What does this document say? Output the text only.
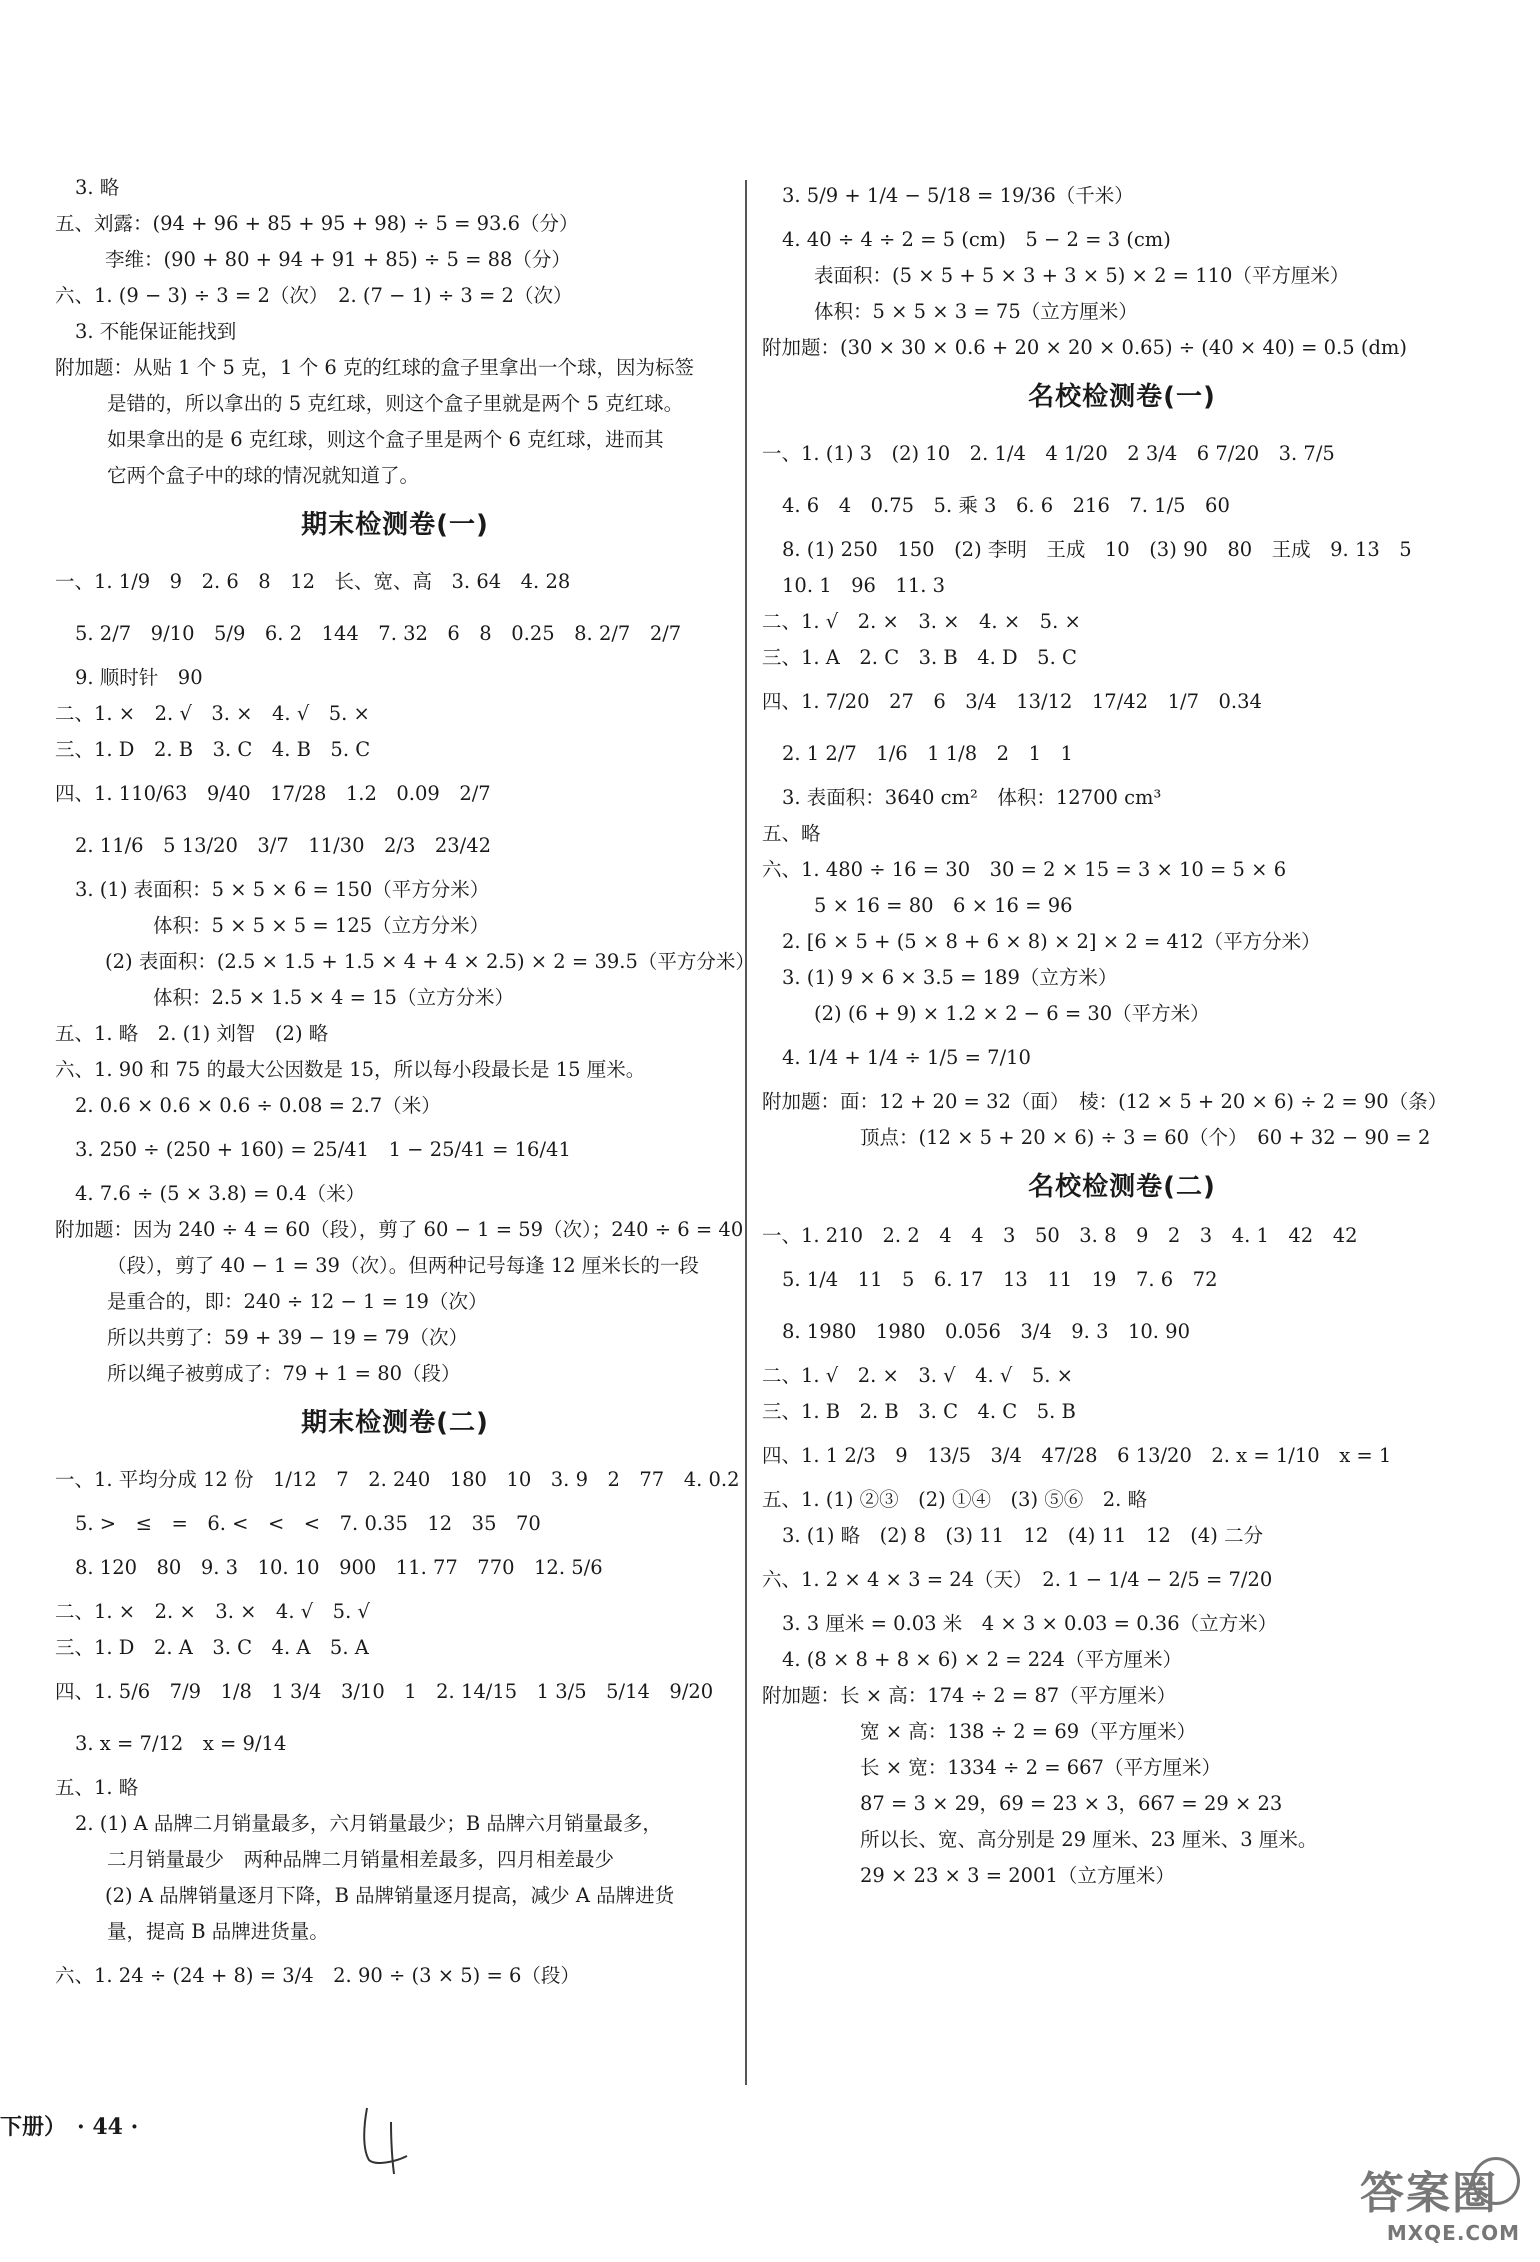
3. 略
五、刘露：(94 + 96 + 85 + 95 + 98) ÷ 5 = 93.6（分）
李维：(90 + 80 + 94 + 91 + 85) ÷ 5 = 88（分）
六、1. (9 − 3) ÷ 3 = 2（次）　2. (7 − 1) ÷ 3 = 2（次）
3. 不能保证能找到
附加题：从贴 1 个 5 克，1 个 6 克的红球的盒子里拿出一个球，因为标签
是错的，所以拿出的 5 克红球，则这个盒子里就是两个 5 克红球。
如果拿出的是 6 克红球，则这个盒子里是两个 6 克红球，进而其
它两个盒子中的球的情况就知道了。
期末检测卷(一)
一、1. 1/9　9　2. 6　8　12　长、宽、高　3. 64　4. 28
5. 2/7　9/10　5/9　6. 2　144　7. 32　6　8　0.25　8. 2/7　2/7
9. 顺时针　90
二、1. ×　2. √　3. ×　4. √　5. ×
三、1. D　2. B　3. C　4. B　5. C
四、1. 110/63　9/40　17/28　1.2　0.09　2/7
2. 11/6　5 13/20　3/7　11/30　2/3　23/42
3. (1) 表面积：5 × 5 × 6 = 150（平方分米）
体积：5 × 5 × 5 = 125（立方分米）
(2) 表面积：(2.5 × 1.5 + 1.5 × 4 + 4 × 2.5) × 2 = 39.5（平方分米）
体积：2.5 × 1.5 × 4 = 15（立方分米）
五、1. 略　2. (1) 刘智　(2) 略
六、1. 90 和 75 的最大公因数是 15，所以每小段最长是 15 厘米。
2. 0.6 × 0.6 × 0.6 ÷ 0.08 = 2.7（米）
3. 250 ÷ (250 + 160) = 25/41　1 − 25/41 = 16/41
4. 7.6 ÷ (5 × 3.8) = 0.4（米）
附加题：因为 240 ÷ 4 = 60（段），剪了 60 − 1 = 59（次）；240 ÷ 6 = 40
（段），剪了 40 − 1 = 39（次）。但两种记号每逢 12 厘米长的一段
是重合的，即：240 ÷ 12 − 1 = 19（次）
所以共剪了：59 + 39 − 19 = 79（次）
所以绳子被剪成了：79 + 1 = 80（段）
期末检测卷(二)
一、1. 平均分成 12 份　1/12　7　2. 240　180　10　3. 9　2　77　4. 0.2
5. >　≤　=　6. <　<　<　7. 0.35　12　35　70
8. 120　80　9. 3　10. 10　900　11. 77　770　12. 5/6
二、1. ×　2. ×　3. ×　4. √　5. √
三、1. D　2. A　3. C　4. A　5. A
四、1. 5/6　7/9　1/8　1 3/4　3/10　1　2. 14/15　1 3/5　5/14　9/20
3. x = 7/12　x = 9/14
五、1. 略
2. (1) A 品牌二月销量最多，六月销量最少；B 品牌六月销量最多，
二月销量最少　两种品牌二月销量相差最多，四月相差最少
(2) A 品牌销量逐月下降，B 品牌销量逐月提高，减少 A 品牌进货
量，提高 B 品牌进货量。
六、1. 24 ÷ (24 + 8) = 3/4　2. 90 ÷ (3 × 5) = 6（段）
3. 5/9 + 1/4 − 5/18 = 19/36（千米）
4. 40 ÷ 4 ÷ 2 = 5 (cm)　5 − 2 = 3 (cm)
表面积：(5 × 5 + 5 × 3 + 3 × 5) × 2 = 110（平方厘米）
体积：5 × 5 × 3 = 75（立方厘米）
附加题：(30 × 30 × 0.6 + 20 × 20 × 0.65) ÷ (40 × 40) = 0.5 (dm)
名校检测卷(一)
一、1. (1) 3　(2) 10　2. 1/4　4 1/20　2 3/4　6 7/20　3. 7/5
4. 6　4　0.75　5. 乘 3　6. 6　216　7. 1/5　60
8. (1) 250　150　(2) 李明　王成　10　(3) 90　80　王成　9. 13　5
10. 1　96　11. 3
二、1. √　2. ×　3. ×　4. ×　5. ×
三、1. A　2. C　3. B　4. D　5. C
四、1. 7/20　27　6　3/4　13/12　17/42　1/7　0.34
2. 1 2/7　1/6　1 1/8　2　1　1
3. 表面积：3640 cm²　体积：12700 cm³
五、略
六、1. 480 ÷ 16 = 30　30 = 2 × 15 = 3 × 10 = 5 × 6
5 × 16 = 80　6 × 16 = 96
2. [6 × 5 + (5 × 8 + 6 × 8) × 2] × 2 = 412（平方分米）
3. (1) 9 × 6 × 3.5 = 189（立方米）
(2) (6 + 9) × 1.2 × 2 − 6 = 30（平方米）
4. 1/4 + 1/4 ÷ 1/5 = 7/10
附加题：面：12 + 20 = 32（面）　棱：(12 × 5 + 20 × 6) ÷ 2 = 90（条）
顶点：(12 × 5 + 20 × 6) ÷ 3 = 60（个）　60 + 32 − 90 = 2
名校检测卷(二)
一、1. 210　2. 2　4　4　3　50　3. 8　9　2　3　4. 1　42　42
5. 1/4　11　5　6. 17　13　11　19　7. 6　72
8. 1980　1980　0.056　3/4　9. 3　10. 90
二、1. √　2. ×　3. √　4. √　5. ×
三、1. B　2. B　3. C　4. C　5. B
四、1. 1 2/3　9　13/5　3/4　47/28　6 13/20　2. x = 1/10　x = 1
五、1. (1) ②③　(2) ①④　(3) ⑤⑥　2. 略
3. (1) 略　(2) 8　(3) 11　12　(4) 11　12　(4) 二分
六、1. 2 × 4 × 3 = 24（天）　2. 1 − 1/4 − 2/5 = 7/20
3. 3 厘米 = 0.03 米　4 × 3 × 0.03 = 0.36（立方米）
4. (8 × 8 + 8 × 6) × 2 = 224（平方厘米）
附加题：长 × 高：174 ÷ 2 = 87（平方厘米）
宽 × 高：138 ÷ 2 = 69（平方厘米）
长 × 宽：1334 ÷ 2 = 667（平方厘米）
87 = 3 × 29，69 = 23 × 3，667 = 29 × 23
所以长、宽、高分别是 29 厘米、23 厘米、3 厘米。
29 × 23 × 3 = 2001（立方厘米）
下册）　· 44 ·
答案圈
MXQE.COM
